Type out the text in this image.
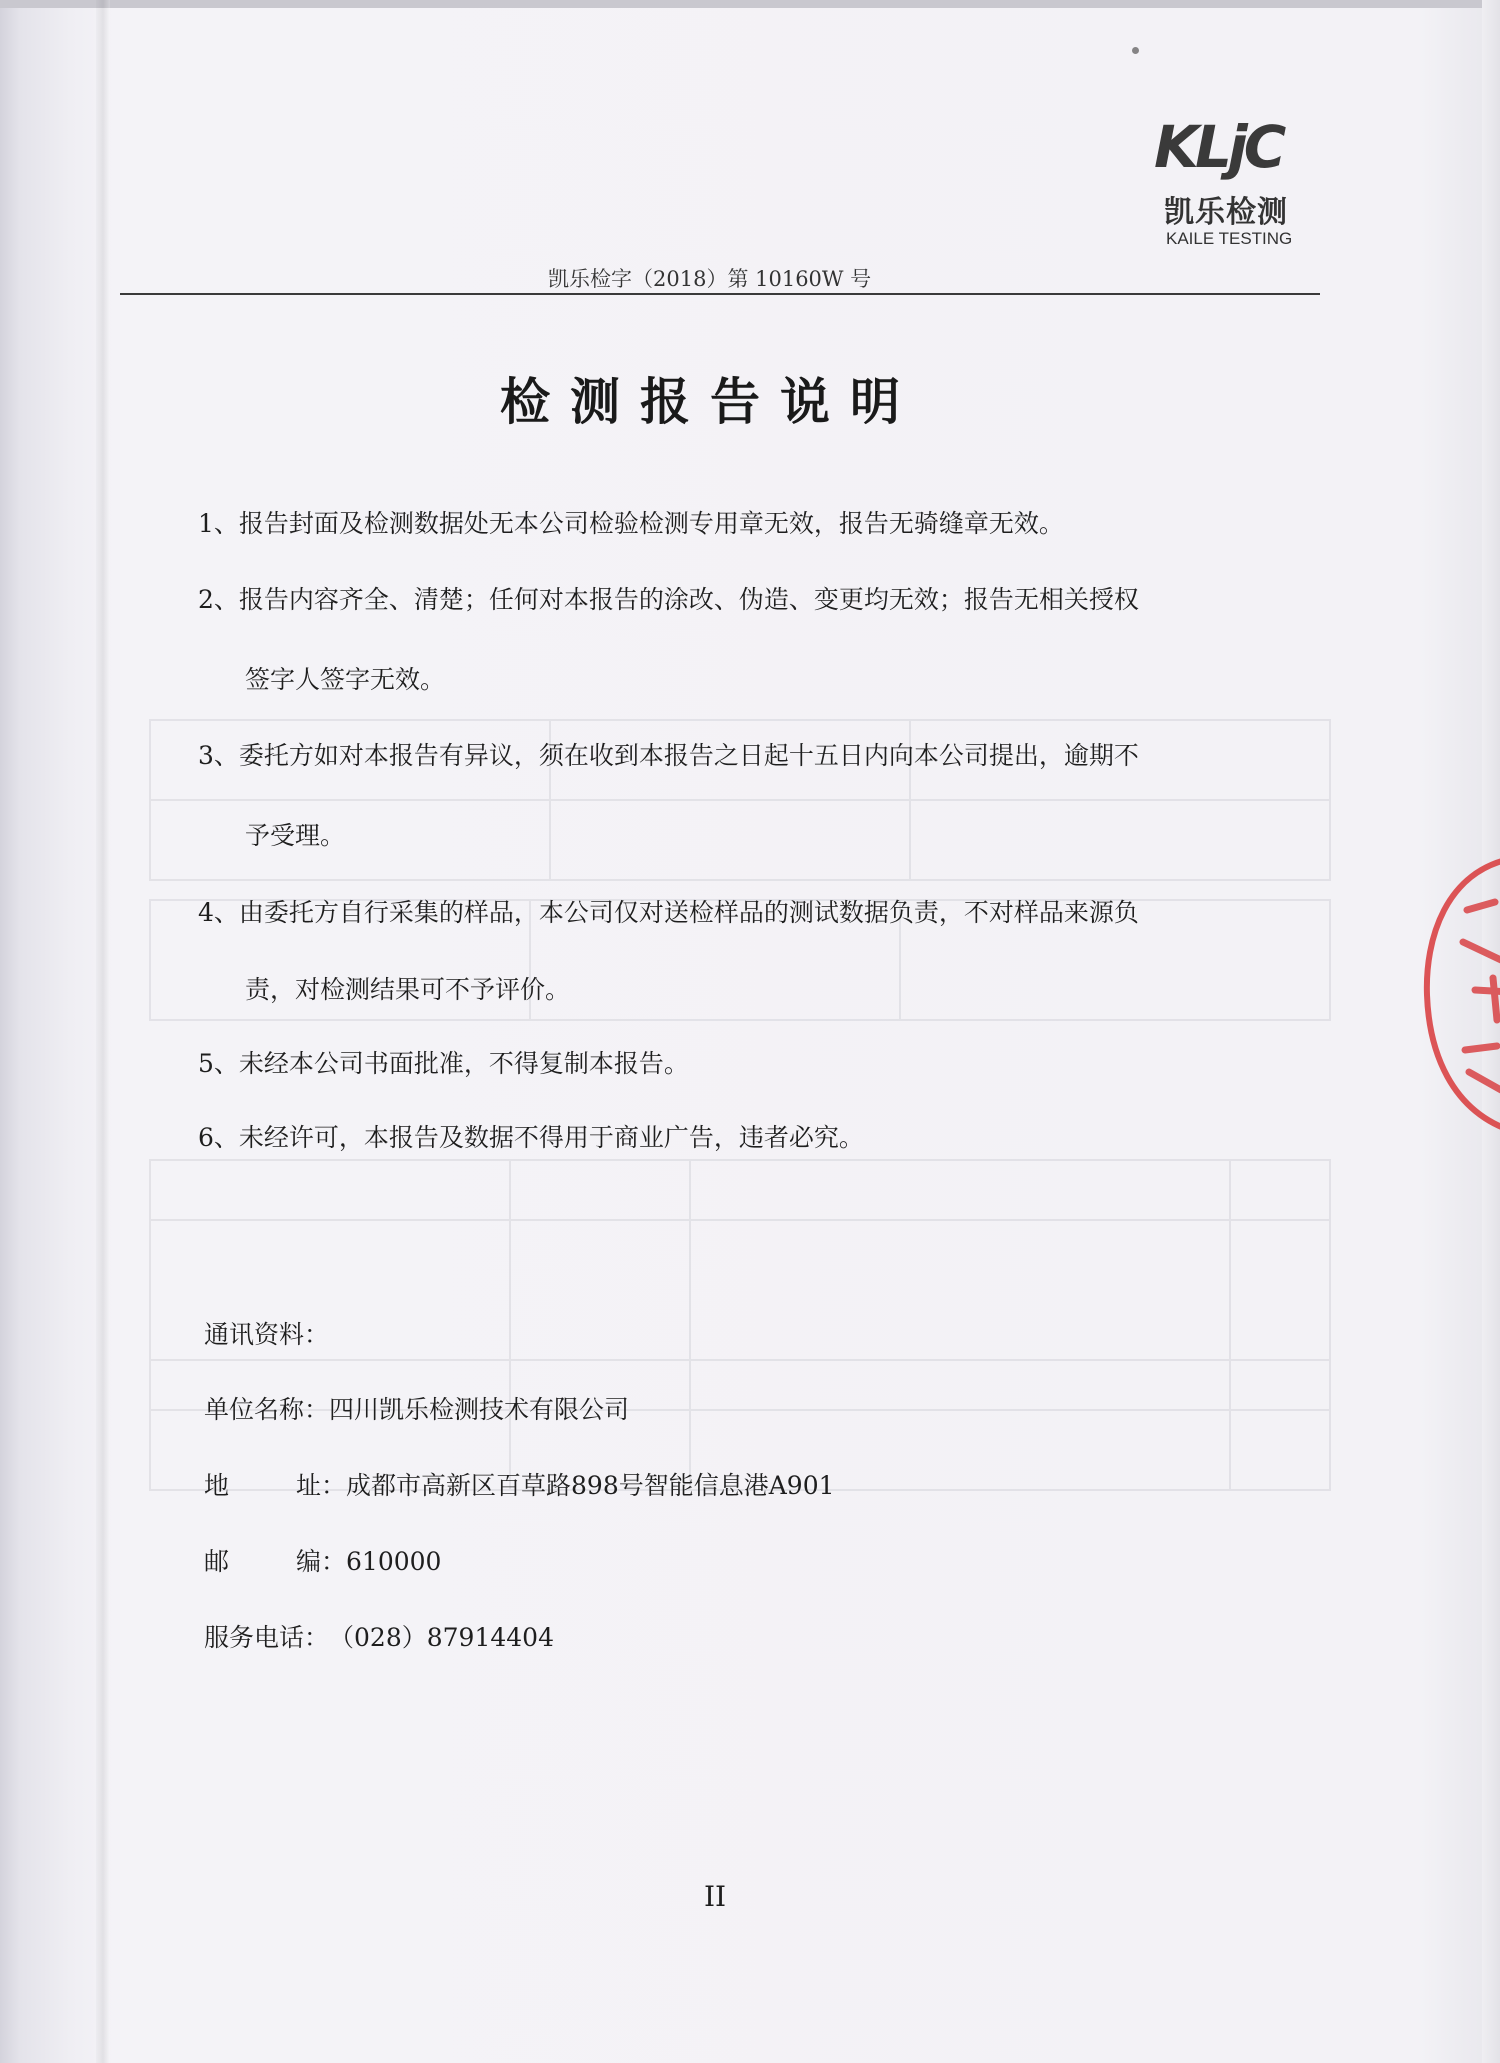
KLjC
凯乐检测
KAILE TESTING
凯乐检字（2018）第 10160W 号
检测报告说明
1、报告封面及检测数据处无本公司检验检测专用章无效，报告无骑缝章无效。
2、报告内容齐全、清楚；任何对本报告的涂改、伪造、变更均无效；报告无相关授权
签字人签字无效。
3、委托方如对本报告有异议，须在收到本报告之日起十五日内向本公司提出，逾期不
予受理。
4、由委托方自行采集的样品，本公司仅对送检样品的测试数据负责，不对样品来源负
责，对检测结果可不予评价。
5、未经本公司书面批准，不得复制本报告。
6、未经许可，本报告及数据不得用于商业广告，违者必究。
通讯资料：
单位名称：四川凯乐检测技术有限公司
地	址：成都市高新区百草路898号智能信息港A901
邮	编：610000
服务电话：（028）87914404
II
